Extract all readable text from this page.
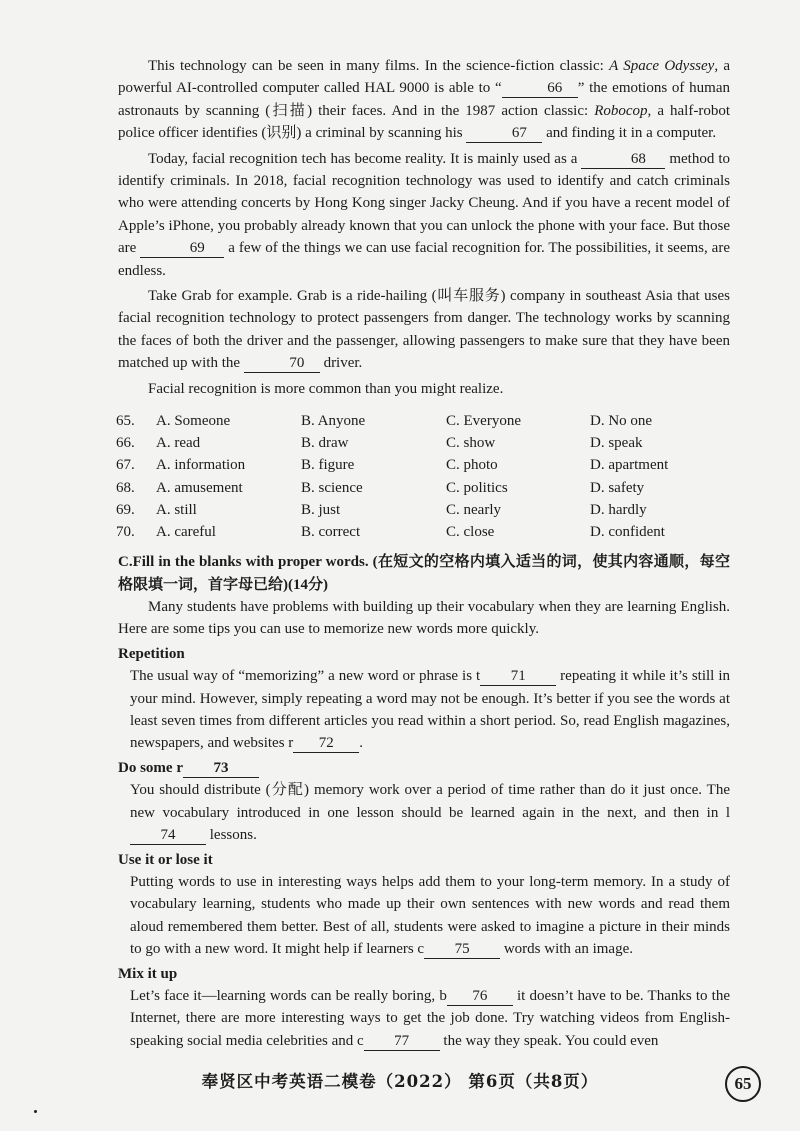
This technology can be seen in many films. In the science-fiction classic: A Space Odyssey, a powerful AI-controlled computer called HAL 9000 is able to “	66 ” the emotions of human astronauts by scanning (扫描) their faces. And in the 1987 action classic: Robocop, a half-robot police officer identifies (识别) a criminal by scanning his	67 and finding it in a computer.

Today, facial recognition tech has become reality. It is mainly used as a	68 method to identify criminals. In 2018, facial recognition technology was used to identify and catch criminals who were attending concerts by Hong Kong singer Jacky Cheung. And if you have a recent model of Apple’s iPhone, you probably already known that you can unlock the phone with your face. But those are	69 a few of the things we can use facial recognition for. The possibilities, it seems, are endless.

Take Grab for example. Grab is a ride-hailing (叫车服务) company in southeast Asia that uses facial recognition technology to protect passengers from danger. The technology works by scanning the faces of both the driver and the passenger, allowing passengers to make sure that they have been matched up with the	70 driver.

Facial recognition is more common than you might realize.

65.	A. Someone	B. Anyone	C. Everyone	D. No one
66.	A. read	B. draw	C. show	D. speak
67.	A. information	B. figure	C. photo	D. apartment
68.	A. amusement	B. science	C. politics	D. safety
69.	A. still	B. just	C. nearly	D. hardly
70.	A. careful	B. correct	C. close	D. confident

C.Fill in the blanks with proper words. (在短文的空格内填入适当的词，使其内容通顺，每空格限填一词，首字母已给)(14分)

Many students have problems with building up their vocabulary when they are learning English. Here are some tips you can use to memorize new words more quickly.

Repetition

The usual way of “memorizing” a new word or phrase is t 71 repeating it while it’s still in your mind. However, simply repeating a word may not be enough. It’s better if you see the words at least seven times from different articles you read within a short period. So, read English magazines, newspapers, and websites r 72 .

Do some r 73

You should distribute (分配) memory work over a period of time rather than do it just once. The new vocabulary introduced in one lesson should be learned again in the next, and then in l74 lessons.

Use it or lose it

Putting words to use in interesting ways helps add them to your long-term memory. In a study of vocabulary learning, students who made up their own sentences with new words and read them aloud remembered them better. Best of all, students were asked to imagine a picture in their minds to go with a new word. It might help if learners c 75 words with an image.

Mix it up

Let’s face it—learning words can be really boring, b 76 it doesn’t have to be. Thanks to the Internet, there are more interesting ways to get the job done. Try watching videos from English-speaking social media celebrities and c 77 the way they speak. You could even

奉贤区中考英语二模卷（2022） 第6页（共8页）	65
